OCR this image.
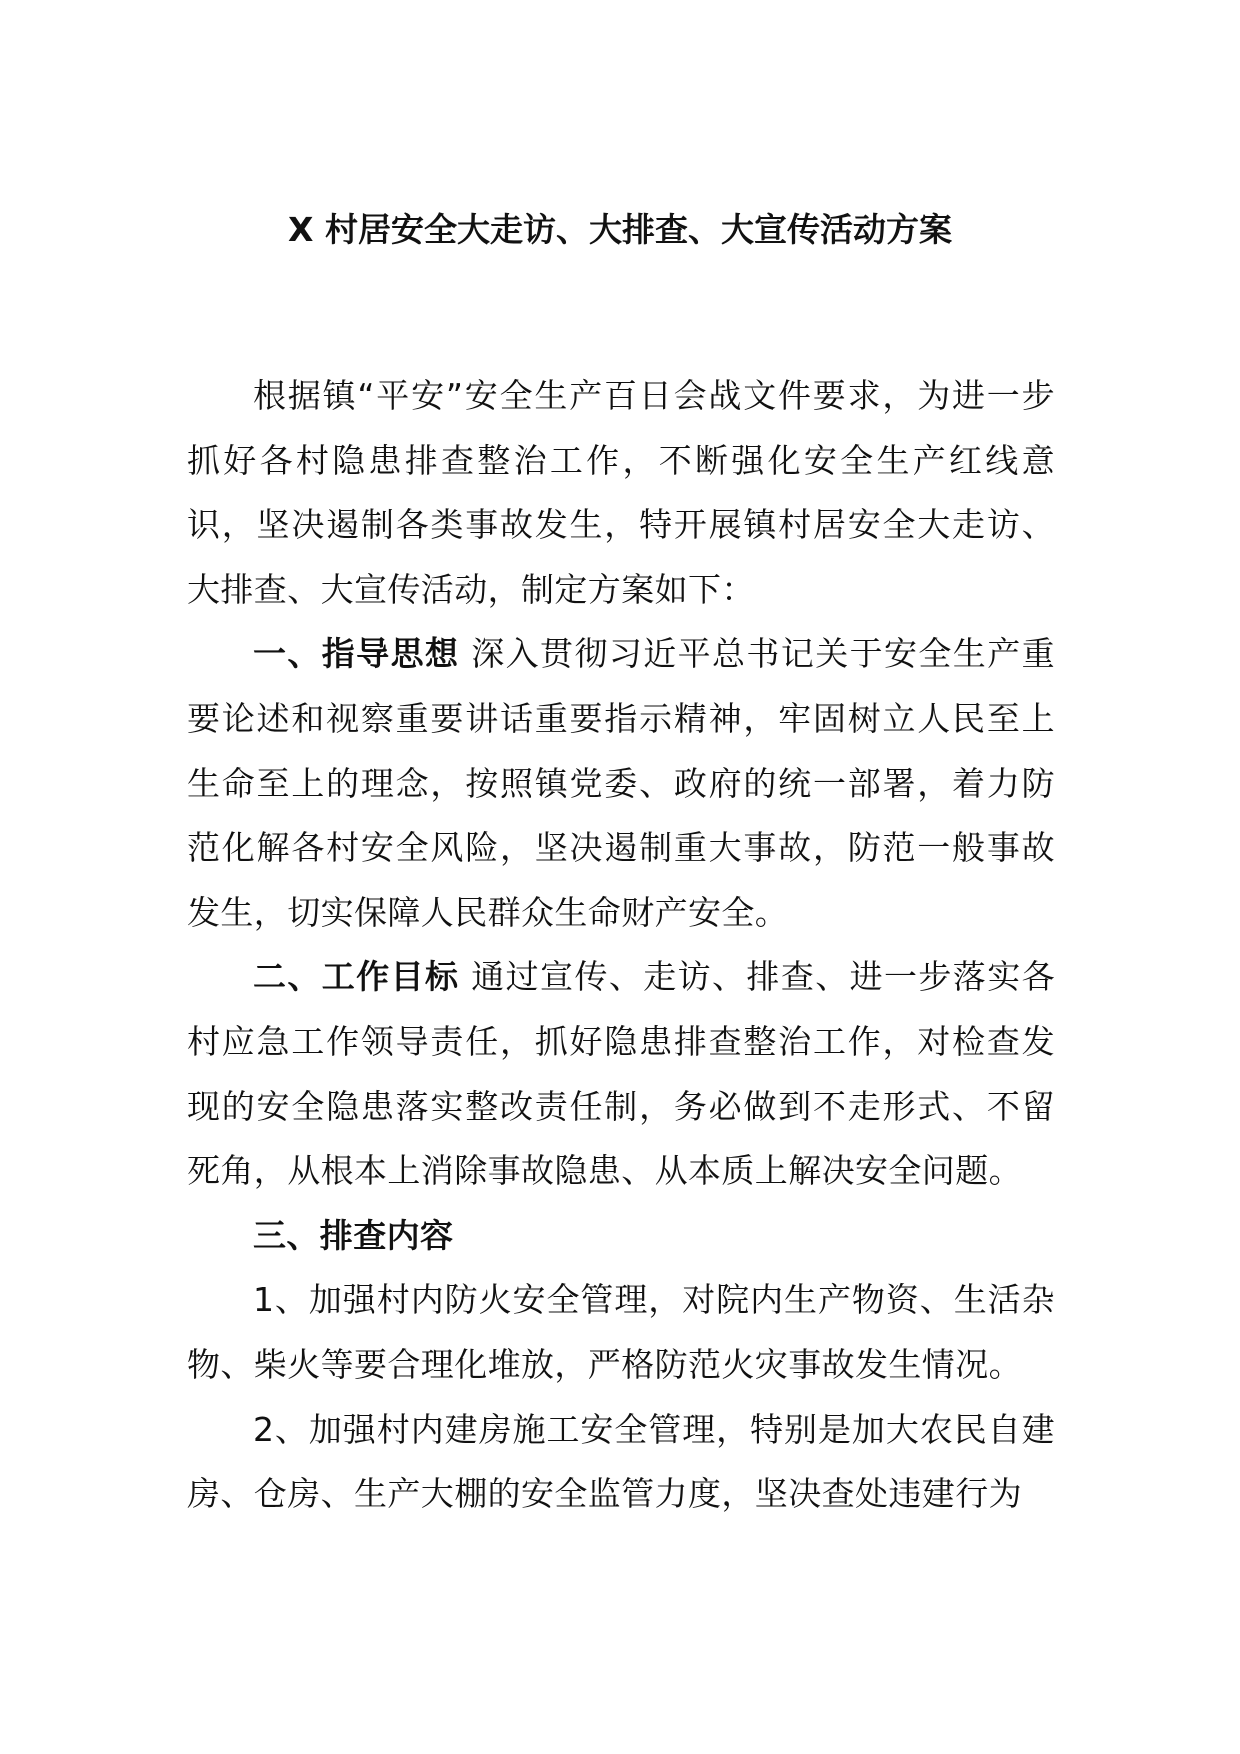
X 村居安全大走访、大排查、大宣传活动方案

根据镇“平安”安全生产百日会战文件要求，为进一步抓好各村隐患排查整治工作，不断强化安全生产红线意识，坚决遏制各类事故发生，特开展镇村居安全大走访、大排查、大宣传活动，制定方案如下：

一、指导思想 深入贯彻习近平总书记关于安全生产重要论述和视察重要讲话重要指示精神，牢固树立人民至上生命至上的理念，按照镇党委、政府的统一部署，着力防范化解各村安全风险，坚决遏制重大事故，防范一般事故发生，切实保障人民群众生命财产安全。

二、工作目标 通过宣传、走访、排查、进一步落实各村应急工作领导责任，抓好隐患排查整治工作，对检查发现的安全隐患落实整改责任制，务必做到不走形式、不留死角，从根本上消除事故隐患、从本质上解决安全问题。

三、排查内容

1、加强村内防火安全管理，对院内生产物资、生活杂物、柴火等要合理化堆放，严格防范火灾事故发生情况。

2、加强村内建房施工安全管理，特别是加大农民自建房、仓房、生产大棚的安全监管力度，坚决查处违建行为
